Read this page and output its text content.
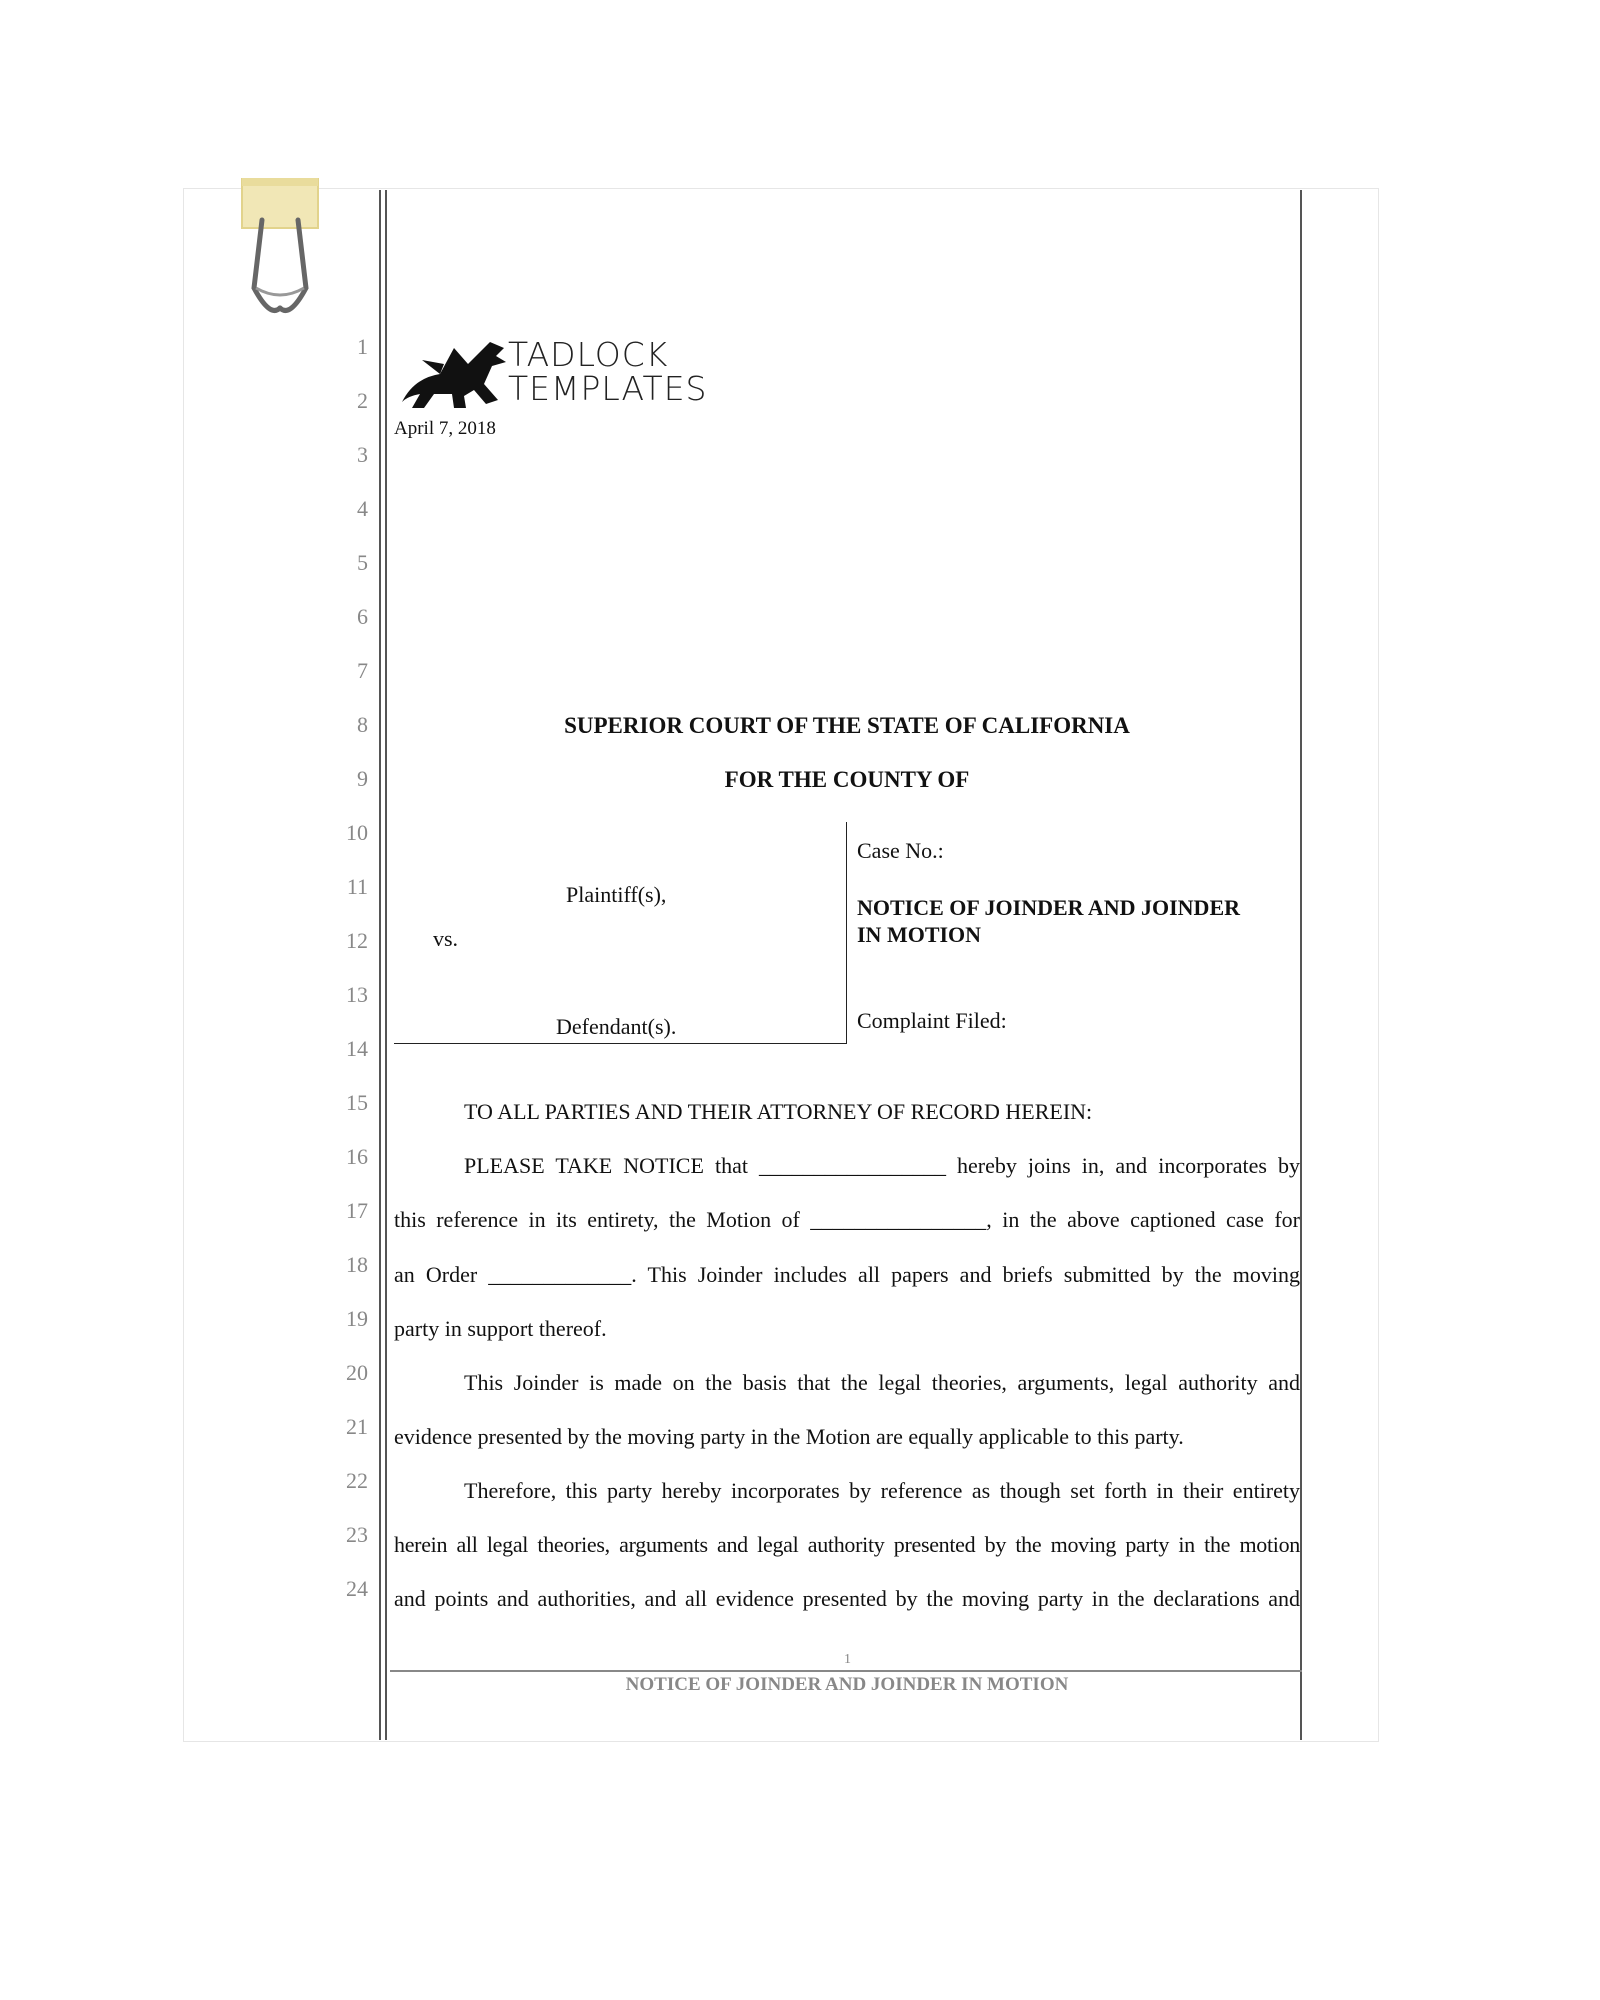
1
2
3
4
5
6
7
8
9
10
11
12
13
14
15
16
17
18
19
20
21
22
23
24
TADLOCK
TEMPLATES
April 7, 2018
SUPERIOR COURT OF THE STATE OF CALIFORNIA
FOR THE COUNTY OF
Plaintiff(s),
vs.
Defendant(s).
Case No.:
NOTICE OF JOINDER AND JOINDER
IN MOTION
Complaint Filed:
TO ALL PARTIES AND THEIR ATTORNEY OF RECORD HEREIN:
PLEASE TAKE NOTICE that _________________ hereby joins in, and incorporates by
this reference in its entirety, the Motion of ________________, in the above captioned case for
an Order _____________. This Joinder includes all papers and briefs submitted by the moving
party in support thereof.
This Joinder is made on the basis that the legal theories, arguments, legal authority and
evidence presented by the moving party in the Motion are equally applicable to this party.
Therefore, this party hereby incorporates by reference as though set forth in their entirety
herein all legal theories, arguments and legal authority presented by the moving party in the motion
and points and authorities, and all evidence presented by the moving party in the declarations and
1
NOTICE OF JOINDER AND JOINDER IN MOTION
